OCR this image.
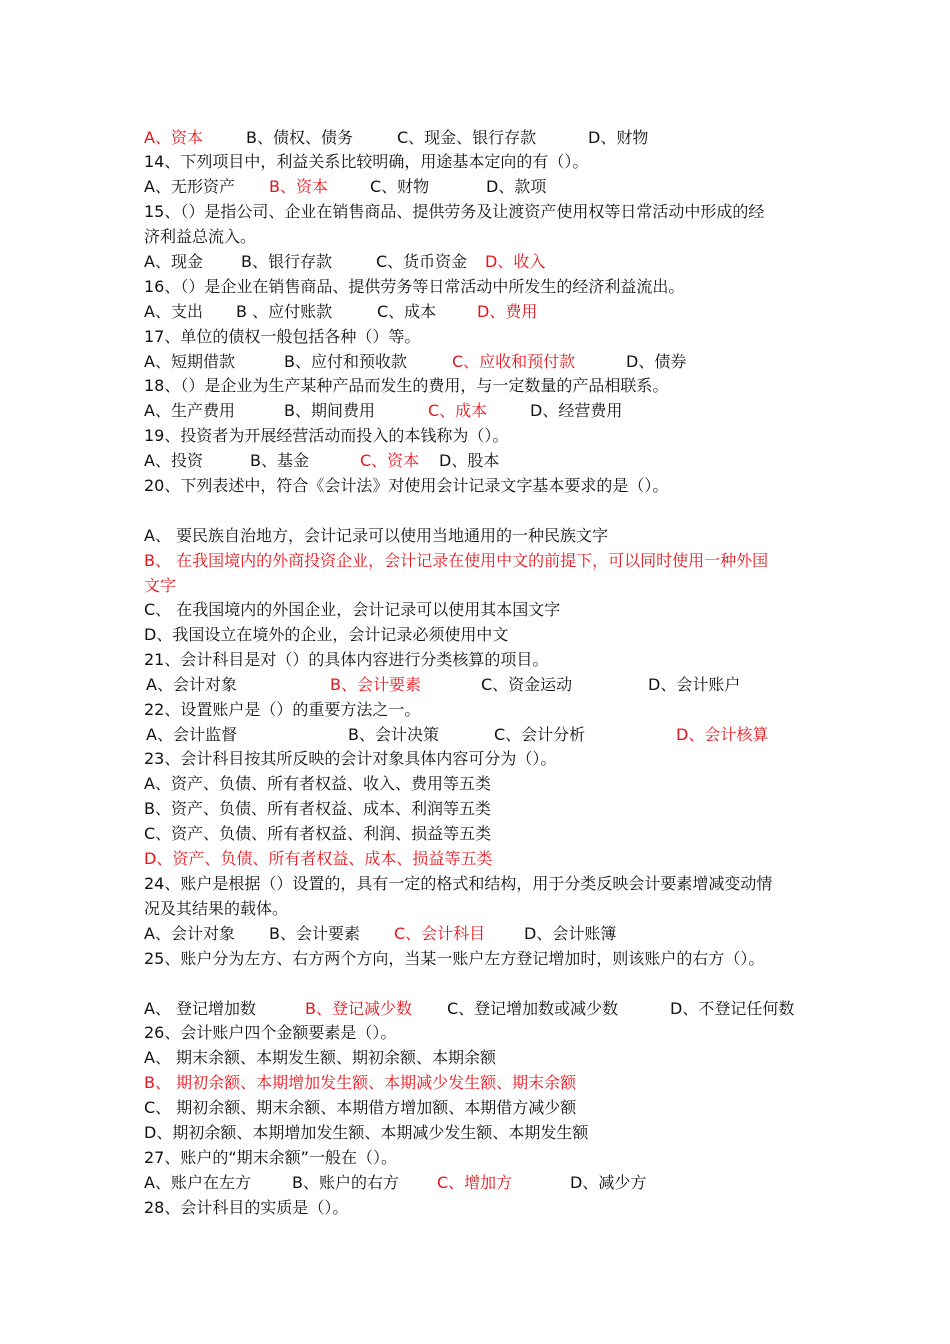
A、资本	B、债权、债务	C、现金、银行存款	D、财物
14、下列项目中，利益关系比较明确，用途基本定向的有（）。
A、无形资产 B、资本	C、财物	D、款项
15、（）是指公司、企业在销售商品、提供劳务及让渡资产使用权等日常活动中形成的经
济利益总流入。
A、现金 B、银行存款	C、货币资金 D、收入
16、（）是企业在销售商品、提供劳务等日常活动中所发生的经济利益流出。
A、支出 B 、应付账款	C、成本	D、费用
17、单位的债权一般包括各种（）等。
A、短期借款	B、应付和预收款	C、应收和预付款	D、债券
18、（）是企业为生产某种产品而发生的费用，与一定数量的产品相联系。
A、生产费用	B、期间费用	C、成本	D、经营费用
19、投资者为开展经营活动而投入的本钱称为（）。
A、投资	B、基金	C、资本 D、股本
20、下列表述中，符合《会计法》对使用会计记录文字基本要求的是（）。
A、 要民族自治地方，会计记录可以使用当地通用的一种民族文字
B、 在我国境内的外商投资企业，会计记录在使用中文的前提下，可以同时使用一种外国
文字
C、 在我国境内的外国企业，会计记录可以使用其本国文字
D、我国设立在境外的企业，会计记录必须使用中文
21、会计科目是对（）的具体内容进行分类核算的项目。
A、会计对象	B、会计要素	C、资金运动	D、会计账户
22、设置账户是（）的重要方法之一。
A、会计监督	B、会计决策	C、会计分析	D、会计核算
23、会计科目按其所反映的会计对象具体内容可分为（）。
A、资产、负债、所有者权益、收入、费用等五类
B、资产、负债、所有者权益、成本、利润等五类
C、资产、负债、所有者权益、利润、损益等五类
D、资产、负债、所有者权益、成本、损益等五类
24、账户是根据（）设置的，具有一定的格式和结构，用于分类反映会计要素增减变动情
况及其结果的载体。
A、会计对象 B、会计要素 C、会计科目 D、会计账簿
25、账户分为左方、右方两个方向，当某一账户左方登记增加时，则该账户的右方（）。
A、 登记增加数	B、登记减少数 C、登记增加数或减少数	D、不登记任何数
26、会计账户四个金额要素是（）。
A、 期末余额、本期发生额、期初余额、本期余额
B、 期初余额、本期增加发生额、本期减少发生额、期末余额
C、 期初余额、期末余额、本期借方增加额、本期借方减少额
D、期初余额、本期增加发生额、本期减少发生额、本期发生额
27、账户的“期末余额”一般在（）。
A、账户在左方	B、账户的右方 C、增加方	D、减少方
28、会计科目的实质是（）。
